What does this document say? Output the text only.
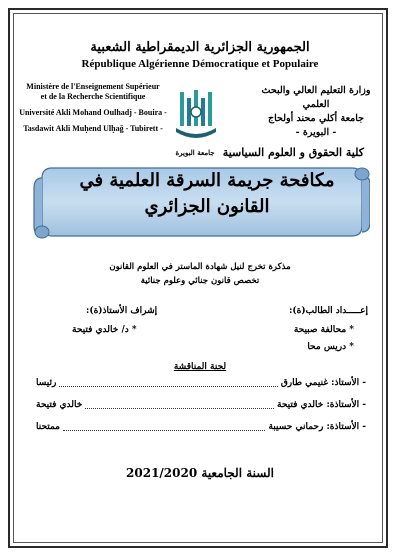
الجمهورية الجزائرية الديمقراطية الشعبية
République Algérienne Démocratique et Populaire
Ministère de l'Enseignement Supérieur
et de la Recherche Scientifique
Université Akli Mohand Oulhadj - Bouira -
Tasdawit Akli Muḥend Ulḥağ - Tubirett -
وزارة التعليم العالي والبحث العلمي
جامعة أكلي محند أولحاج
- البويرة -
جامعة البويرة كلية الحقوق و العلوم السياسية
مكافحة جريمة السرقة العلمية في القانون الجزائري
مذكرة تخرج لنيل شهادة الماستر في العلوم القانون
تخصص قانون جنائي وعلوم جنائية
إعـــــداد الطالب(ة):
إشراف الأستاذ(ة):
* محالفة صبيحة
* دريس محا
* د/ خالدي فتيحة
لجنة المناقشة
- الأستاذ: غنيمي طارق
رئيسا
- الأستاذة: خالدي فتيحة
خالدي فتيحة
- الأستاذة: رحماني حسيبة
ممتحنا
السنة الجامعية 2021/2020
